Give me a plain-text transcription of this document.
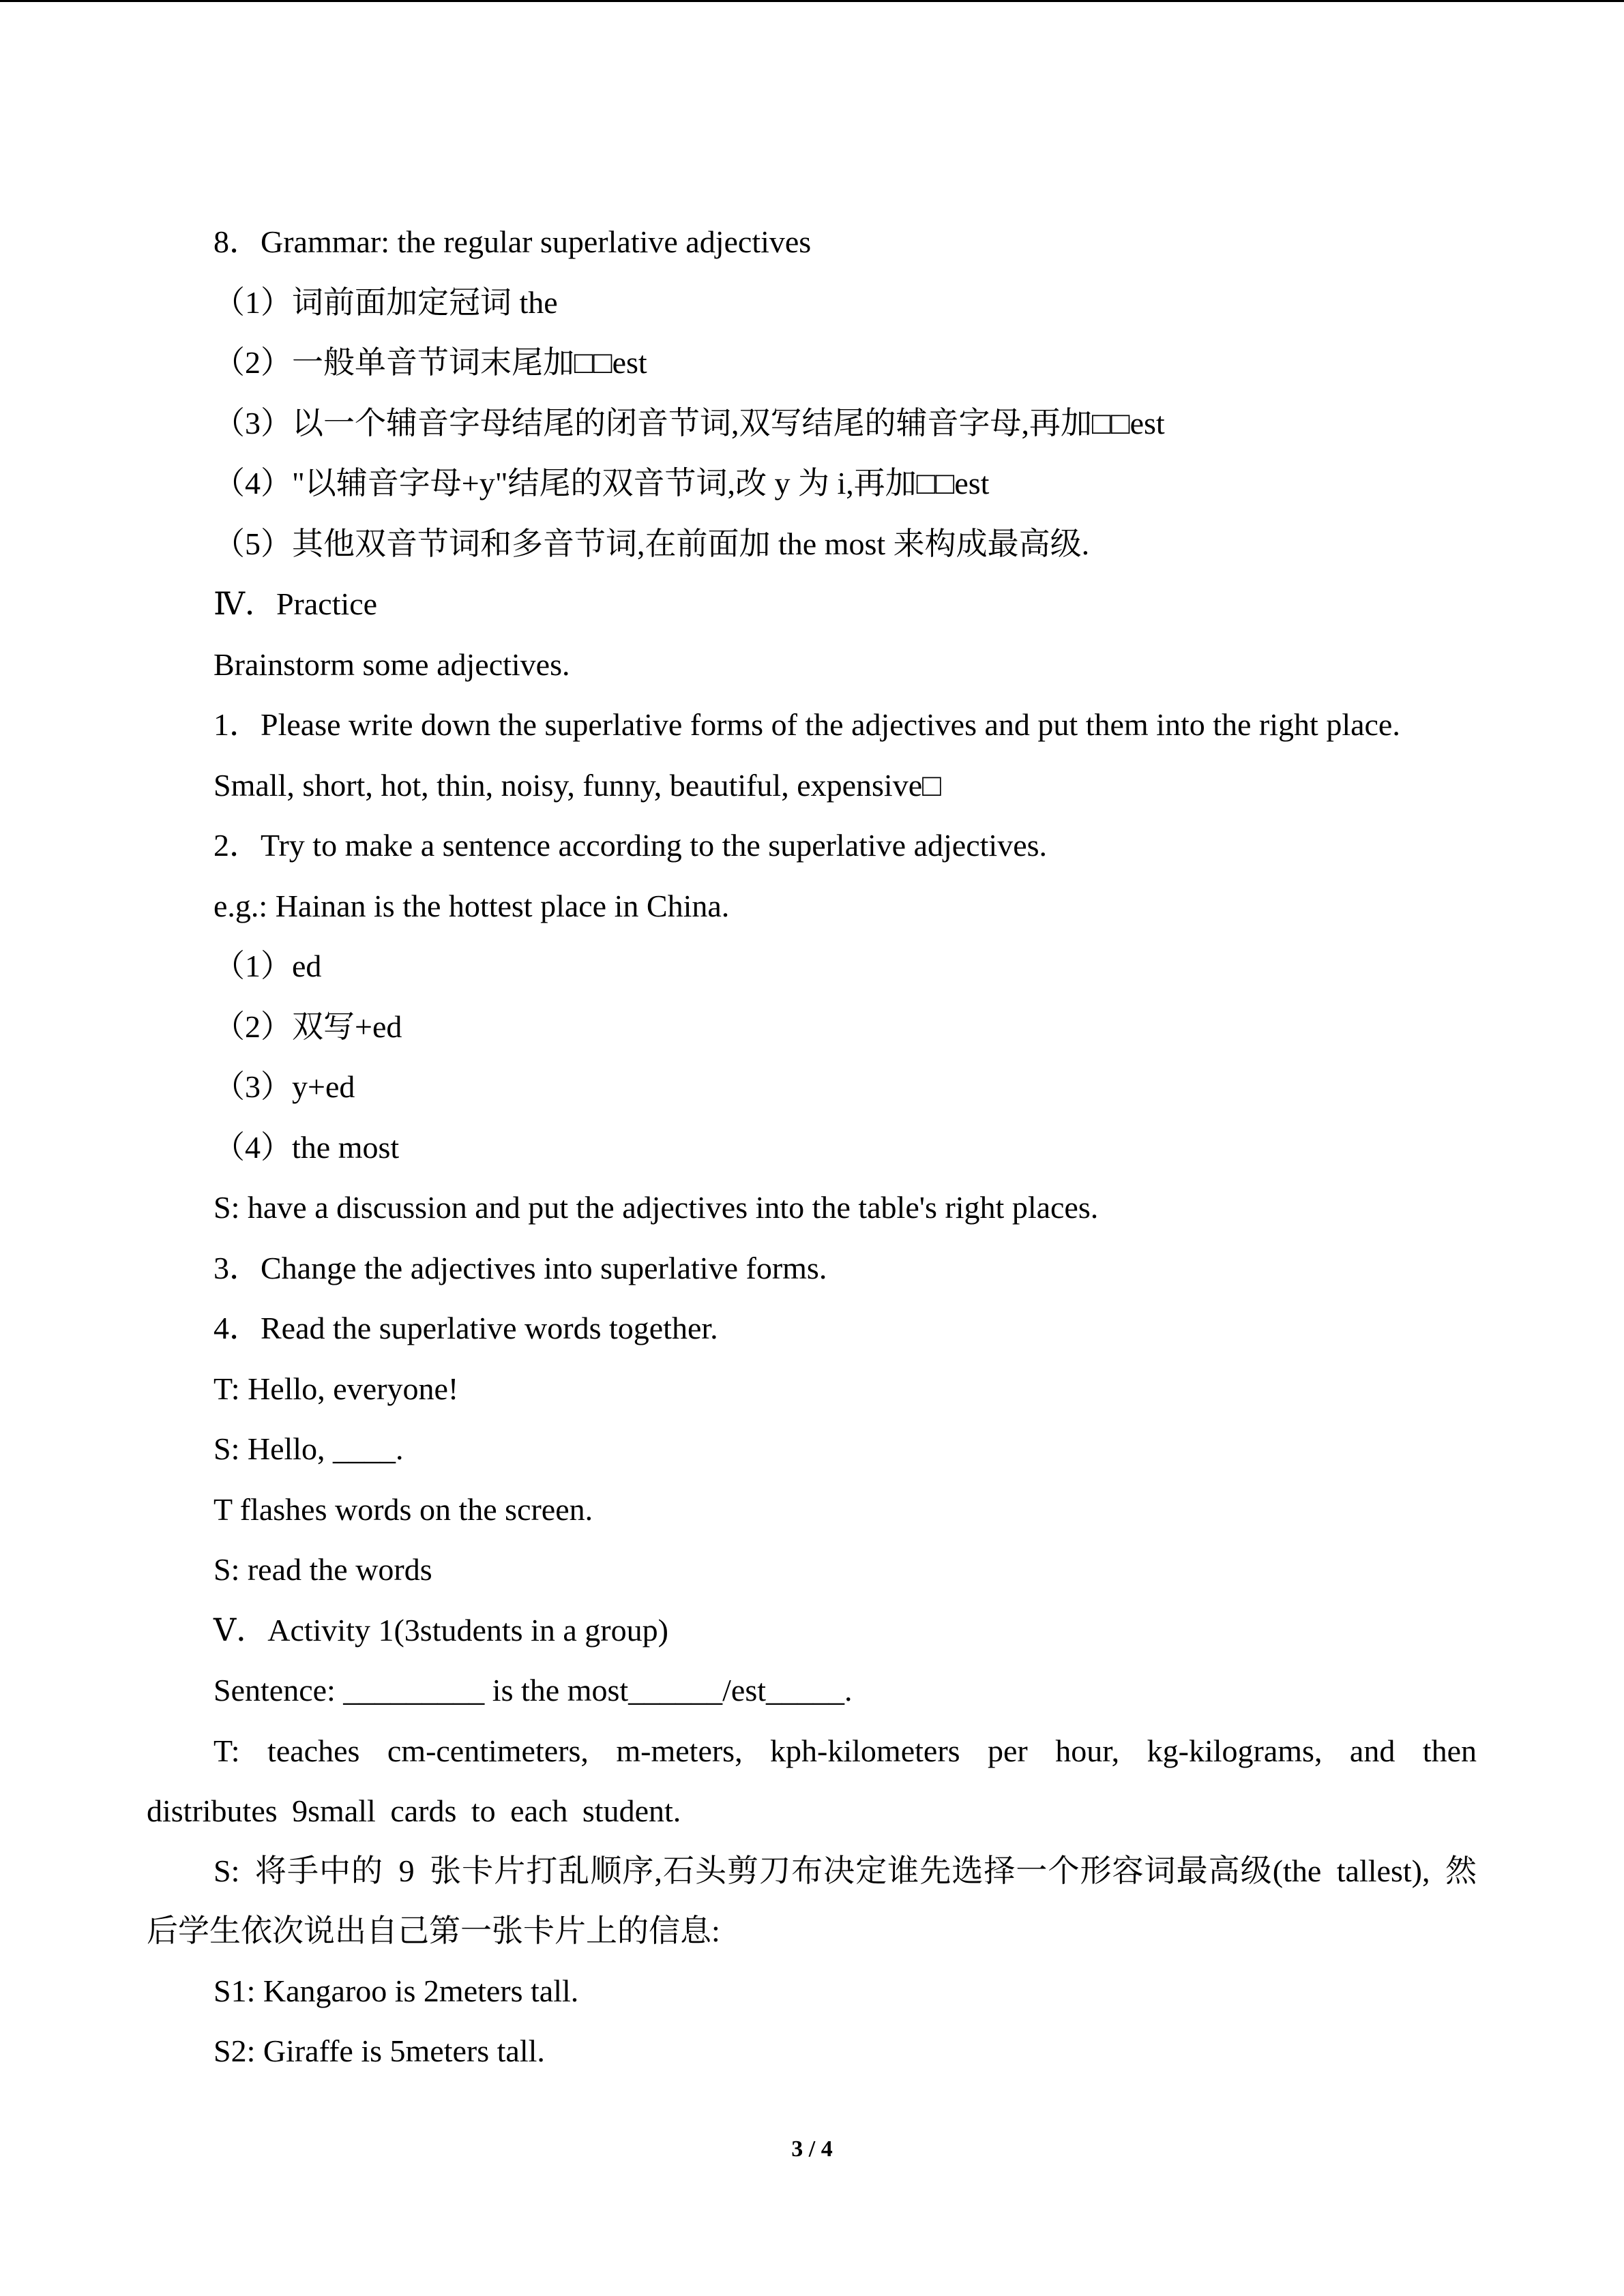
8．Grammar: the regular superlative adjectives
（1）词前面加定冠词 the
（2）一般单音节词末尾加□□est
（3）以一个辅音字母结尾的闭音节词,双写结尾的辅音字母,再加□□est
（4）"以辅音字母+y"结尾的双音节词,改 y 为 i,再加□□est
（5）其他双音节词和多音节词,在前面加 the most 来构成最高级.
Ⅳ．Practice
Brainstorm some adjectives.
1．Please write down the superlative forms of the adjectives and put them into the right place.
Small, short, hot, thin, noisy, funny, beautiful, expensive□
2．Try to make a sentence according to the superlative adjectives.
e.g.: Hainan is the hottest place in China.
（1）ed
（2）双写+ed
（3）y+ed
（4）the most
S: have a discussion and put the adjectives into the table's right places.
3．Change the adjectives into superlative forms.
4．Read the superlative words together.
T: Hello, everyone!
S: Hello, ____.
T flashes words on the screen.
S: read the words
Ⅴ．Activity 1(3students in a group)
Sentence: _________ is the most______/est_____.
T: teaches cm-centimeters, m-meters, kph-kilometers per hour, kg-kilograms, and then distributes 9small cards to each student.
S: 将手中的 9 张卡片打乱顺序,石头剪刀布决定谁先选择一个形容词最高级(the tallest), 然后学生依次说出自己第一张卡片上的信息:
S1: Kangaroo is 2meters tall.
S2: Giraffe is 5meters tall.
3 / 4
